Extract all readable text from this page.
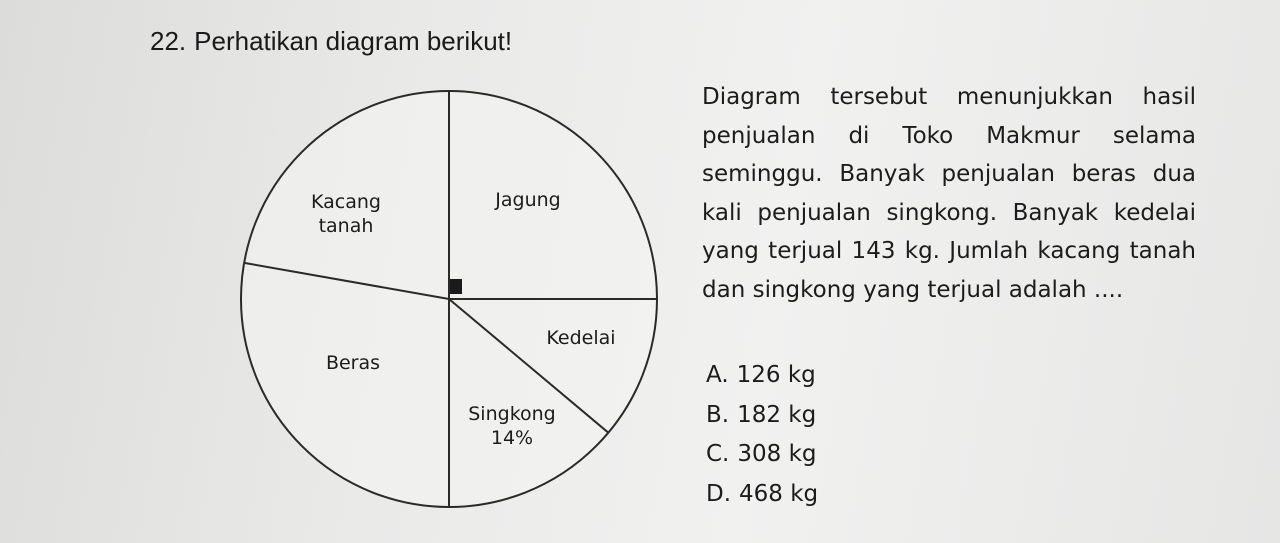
22. Perhatikan diagram berikut!
Kacang tanah
Jagung
Kedelai
Singkong 14%
Beras
Diagram tersebut menunjukkan hasil penjualan di Toko Makmur selama seminggu. Banyak penjualan beras dua kali penjualan singkong. Banyak kedelai yang terjual 143 kg. Jumlah kacang tanah dan singkong yang terjual adalah ....
A. 126 kg
B. 182 kg
C. 308 kg
D. 468 kg
